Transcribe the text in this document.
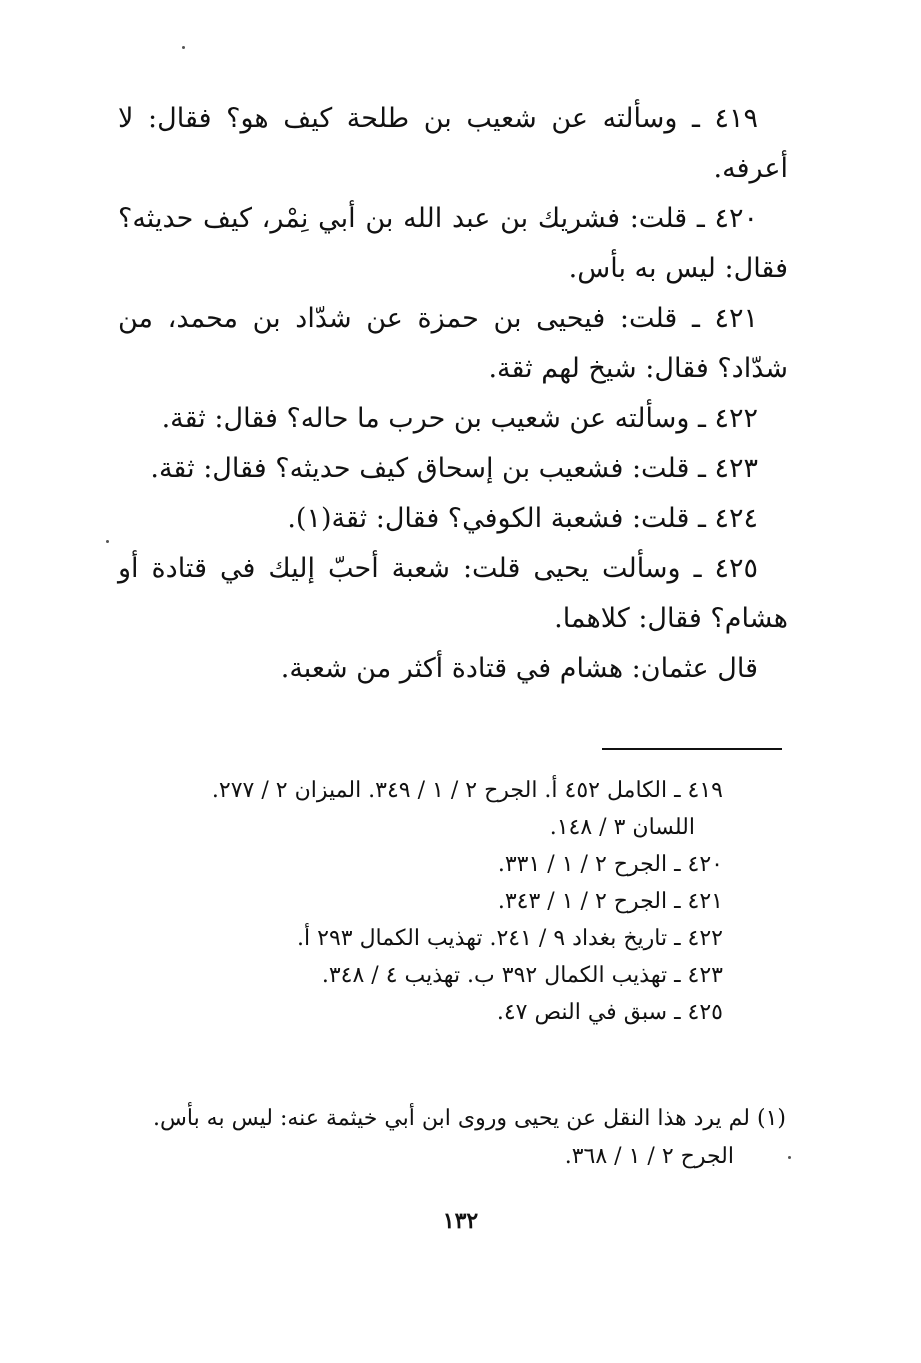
٤١٩ ـ وسألته عن شعيب بن طلحة كيف هو؟ فقال: لا أعرفه.

٤٢٠ ـ قلت: فشريك بن عبد الله بن أبي نِمْر، كيف حديثه؟ فقال: ليس به بأس.

٤٢١ ـ قلت: فيحيى بن حمزة عن شدّاد بن محمد، من شدّاد؟ فقال: شيخ لهم ثقة.

٤٢٢ ـ وسألته عن شعيب بن حرب ما حاله؟ فقال: ثقة.

٤٢٣ ـ قلت: فشعيب بن إسحاق كيف حديثه؟ فقال: ثقة.

٤٢٤ ـ قلت: فشعبة الكوفي؟ فقال: ثقة(١).

٤٢٥ ـ وسألت يحيى قلت: شعبة أحبّ إليك في قتادة أو هشام؟ فقال: كلاهما.

قال عثمان: هشام في قتادة أكثر من شعبة.

٤١٩ ـ الكامل ٤٥٢ أ. الجرح ٢ / ١ / ٣٤٩. الميزان ٢ / ٢٧٧.

اللسان ٣ / ١٤٨.

٤٢٠ ـ الجرح ٢ / ١ / ٣٣١.

٤٢١ ـ الجرح ٢ / ١ / ٣٤٣.

٤٢٢ ـ تاريخ بغداد ٩ / ٢٤١. تهذيب الكمال ٢٩٣ أ.

٤٢٣ ـ تهذيب الكمال ٣٩٢ ب. تهذيب ٤ / ٣٤٨.

٤٢٥ ـ سبق في النص ٤٧.

(١) لم يرد هذا النقل عن يحيى وروى ابن أبي خيثمة عنه: ليس به بأس.

الجرح ٢ / ١ / ٣٦٨.

١٣٢
